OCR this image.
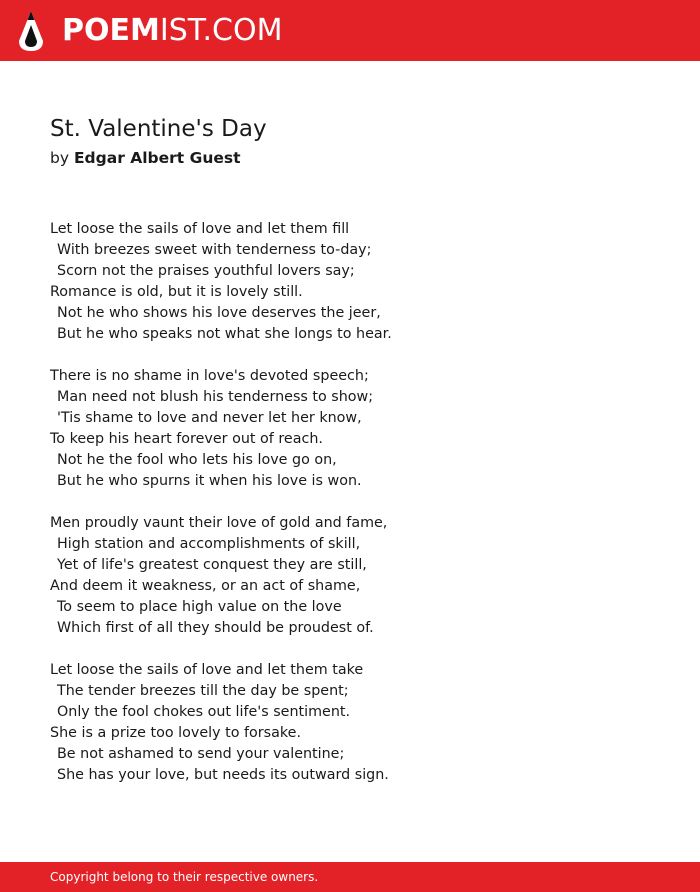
POEMIST.COM
St. Valentine's Day
by Edgar Albert Guest
Let loose the sails of love and let them fill
With breezes sweet with tenderness to-day;
Scorn not the praises youthful lovers say;
Romance is old, but it is lovely still.
Not he who shows his love deserves the jeer,
But he who speaks not what she longs to hear.
There is no shame in love's devoted speech;
Man need not blush his tenderness to show;
'Tis shame to love and never let her know,
To keep his heart forever out of reach.
Not he the fool who lets his love go on,
But he who spurns it when his love is won.
Men proudly vaunt their love of gold and fame,
High station and accomplishments of skill,
Yet of life's greatest conquest they are still,
And deem it weakness, or an act of shame,
To seem to place high value on the love
Which first of all they should be proudest of.
Let loose the sails of love and let them take
The tender breezes till the day be spent;
Only the fool chokes out life's sentiment.
She is a prize too lovely to forsake.
Be not ashamed to send your valentine;
She has your love, but needs its outward sign.
Copyright belong to their respective owners.
